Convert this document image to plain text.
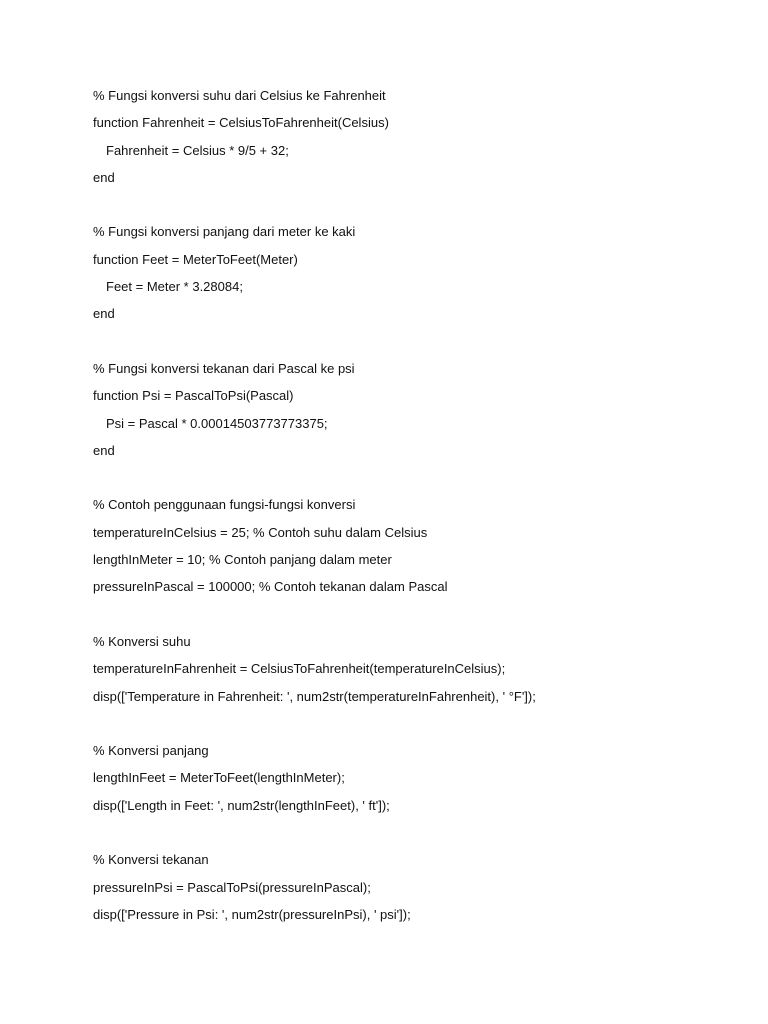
% Fungsi konversi suhu dari Celsius ke Fahrenheit
function Fahrenheit = CelsiusToFahrenheit(Celsius)
Fahrenheit = Celsius * 9/5 + 32;
end
% Fungsi konversi panjang dari meter ke kaki
function Feet = MeterToFeet(Meter)
Feet = Meter * 3.28084;
end
% Fungsi konversi tekanan dari Pascal ke psi
function Psi = PascalToPsi(Pascal)
Psi = Pascal * 0.00014503773773375;
end
% Contoh penggunaan fungsi-fungsi konversi
temperatureInCelsius = 25; % Contoh suhu dalam Celsius
lengthInMeter = 10; % Contoh panjang dalam meter
pressureInPascal = 100000; % Contoh tekanan dalam Pascal
% Konversi suhu
temperatureInFahrenheit = CelsiusToFahrenheit(temperatureInCelsius);
disp(['Temperature in Fahrenheit: ', num2str(temperatureInFahrenheit), ' °F']);
% Konversi panjang
lengthInFeet = MeterToFeet(lengthInMeter);
disp(['Length in Feet: ', num2str(lengthInFeet), ' ft']);
% Konversi tekanan
pressureInPsi = PascalToPsi(pressureInPascal);
disp(['Pressure in Psi: ', num2str(pressureInPsi), ' psi']);
